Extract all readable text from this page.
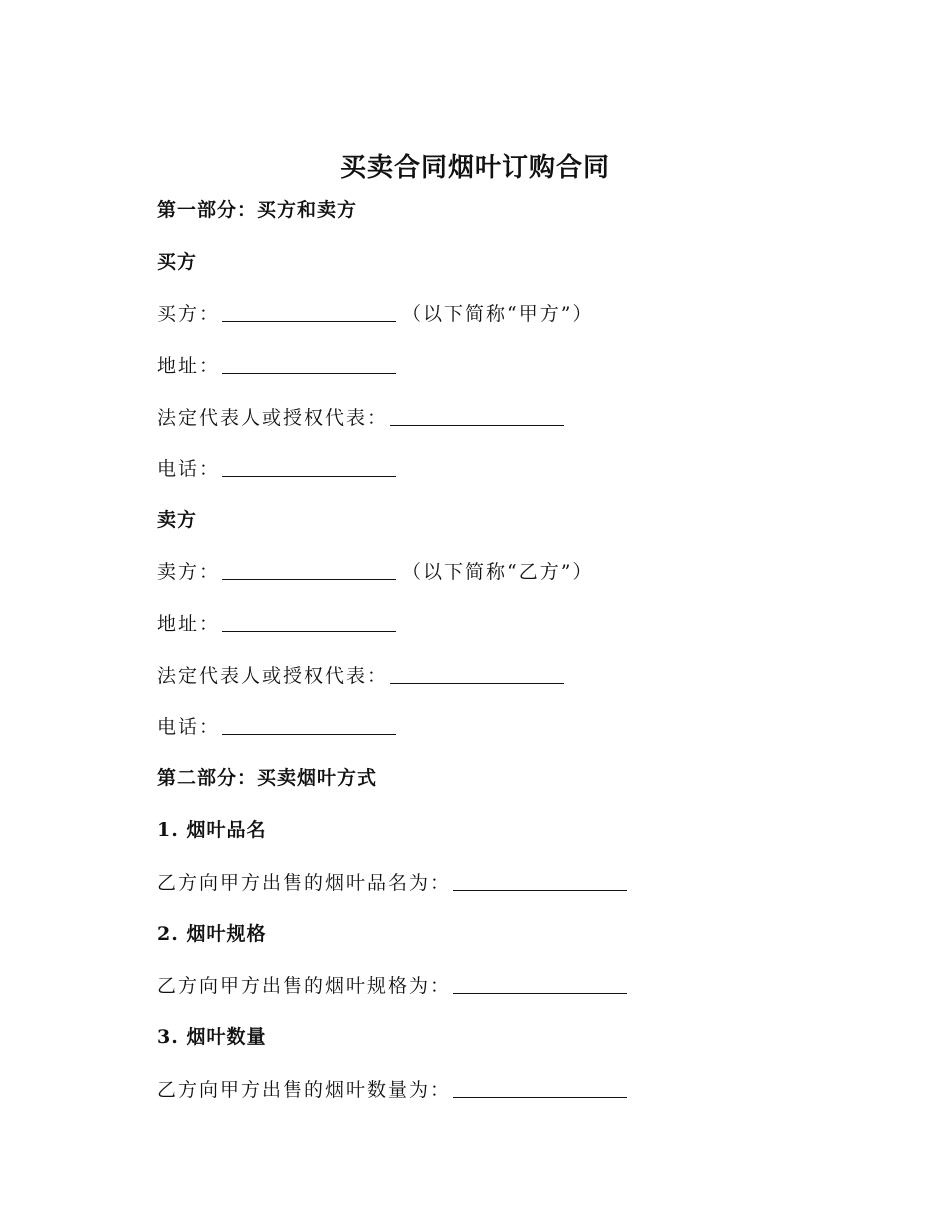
买卖合同烟叶订购合同
第一部分：买方和卖方
买方
买方：	（以下简称“甲方”）
地址：
法定代表人或授权代表：
电话：
卖方
卖方：	（以下简称“乙方”）
地址：
法定代表人或授权代表：
电话：
第二部分：买卖烟叶方式
1. 烟叶品名
乙方向甲方出售的烟叶品名为：
2. 烟叶规格
乙方向甲方出售的烟叶规格为：
3. 烟叶数量
乙方向甲方出售的烟叶数量为：
